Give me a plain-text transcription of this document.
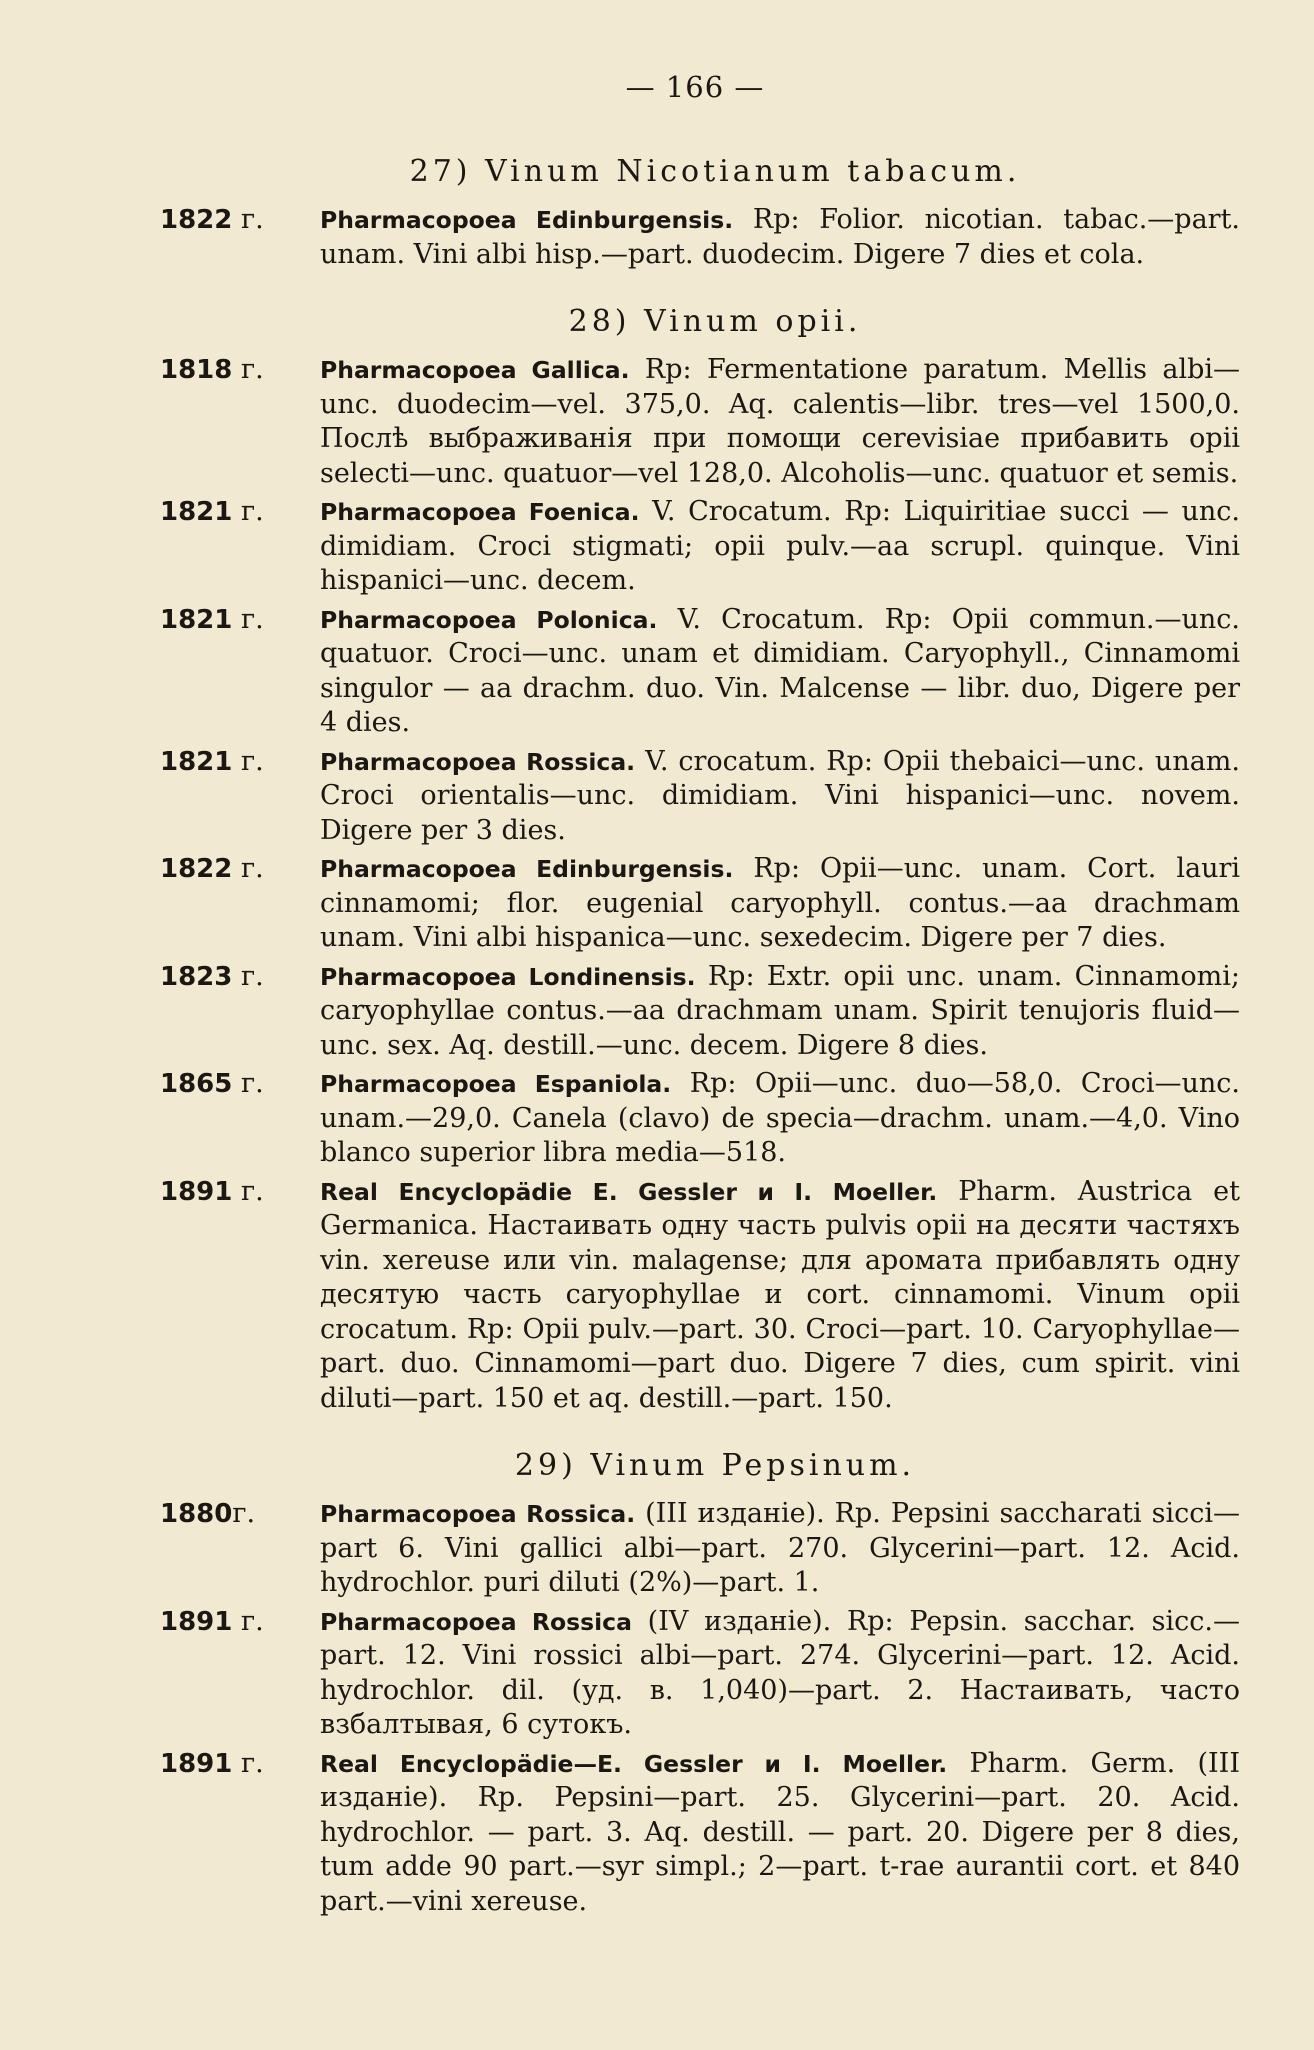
— 166 —
27) Vinum Nicotianum tabacum.
1822 г. Pharmacopoea Edinburgensis. Rp: Folior. nicotian. tabac.—part. unam. Vini albi hisp.—part. duodecim. Digere 7 dies et cola.
28) Vinum opii.
1818 г. Pharmacopoea Gallica. Rp: Fermentatione paratum. Mellis albi—unc. duodecim—vel. 375,0. Aq. calentis—libr. tres—vel 1500,0. Послѣ выбраживанія при помощи cerevisiae прибавить opii selecti—unc. quatuor—vel 128,0. Alcoholis—unc. quatuor et semis.
1821 г. Pharmacopoea Foenica. V. Crocatum. Rp: Liquiritiae succi — unc. dimidiam. Croci stigmati; opii pulv.—aa scrupl. quinque. Vini hispanici—unc. decem.
1821 г. Pharmacopoea Polonica. V. Crocatum. Rp: Opii commun.—unc. quatuor. Croci—unc. unam et dimidiam. Caryophyll., Cinnamomi singulor — aa drachm. duo. Vin. Malcense — libr. duo, Digere per 4 dies.
1821 г. Pharmacopoea Rossica. V. crocatum. Rp: Opii thebaici—unc. unam. Croci orientalis—unc. dimidiam. Vini hispanici—unc. novem. Digere per 3 dies.
1822 г. Pharmacopoea Edinburgensis. Rp: Opii—unc. unam. Cort. lauri cinnamomi; flor. eugenial caryophyll. contus.—aa drachmam unam. Vini albi hispanica—unc. sexedecim. Digere per 7 dies.
1823 г. Pharmacopoea Londinensis. Rp: Extr. opii unc. unam. Cinnamomi; caryophyllae contus.—aa drachmam unam. Spirit tenujoris fluid—unc. sex. Aq. destill.—unc. decem. Digere 8 dies.
1865 г. Pharmacopoea Espaniola. Rp: Opii—unc. duo—58,0. Croci—unc. unam.—29,0. Canela (clavo) de specia—drachm. unam.—4,0. Vino blanco superior libra media—518.
1891 г. Real Encyclopädie E. Gessler и I. Moeller. Pharm. Austrica et Germanica. Настаивать одну часть pulvis opii на десяти частяхъ vin. xereuse или vin. malagense; для аромата прибавлять одну десятую часть caryophyllae и cort. cinnamomi. Vinum opii crocatum. Rp: Opii pulv.—part. 30. Croci—part. 10. Caryophyllae—part. duo. Cinnamomi—part duo. Digere 7 dies, cum spirit. vini diluti—part. 150 et aq. destill.—part. 150.
29) Vinum Pepsinum.
1880г.	Pharmacopoea Rossica. (III изданіе). Rp. Pepsini saccharati sicci—part 6. Vini gallici albi—part. 270. Glycerini—part. 12. Acid. hydrochlor. puri diluti (2%)—part. 1.
1891 г. Pharmacopoea Rossica (IV изданіе). Rp: Pepsin. sacchar. sicc.—part. 12. Vini rossici albi—part. 274. Glycerini—part. 12. Acid. hydrochlor. dil. (уд. в. 1,040)—part. 2. Настаивать, часто взбалтывая, 6 сутокъ.
1891 г. Real Encyclopädie—E. Gessler и I. Moeller. Pharm. Germ. (III изданіе). Rp. Pepsini—part. 25. Glycerini—part. 20. Acid. hydrochlor. — part. 3. Aq. destill. — part. 20. Digere per 8 dies, tum adde 90 part.—syr simpl.; 2—part. t-rae aurantii cort. et 840 part.—vini xereuse.
